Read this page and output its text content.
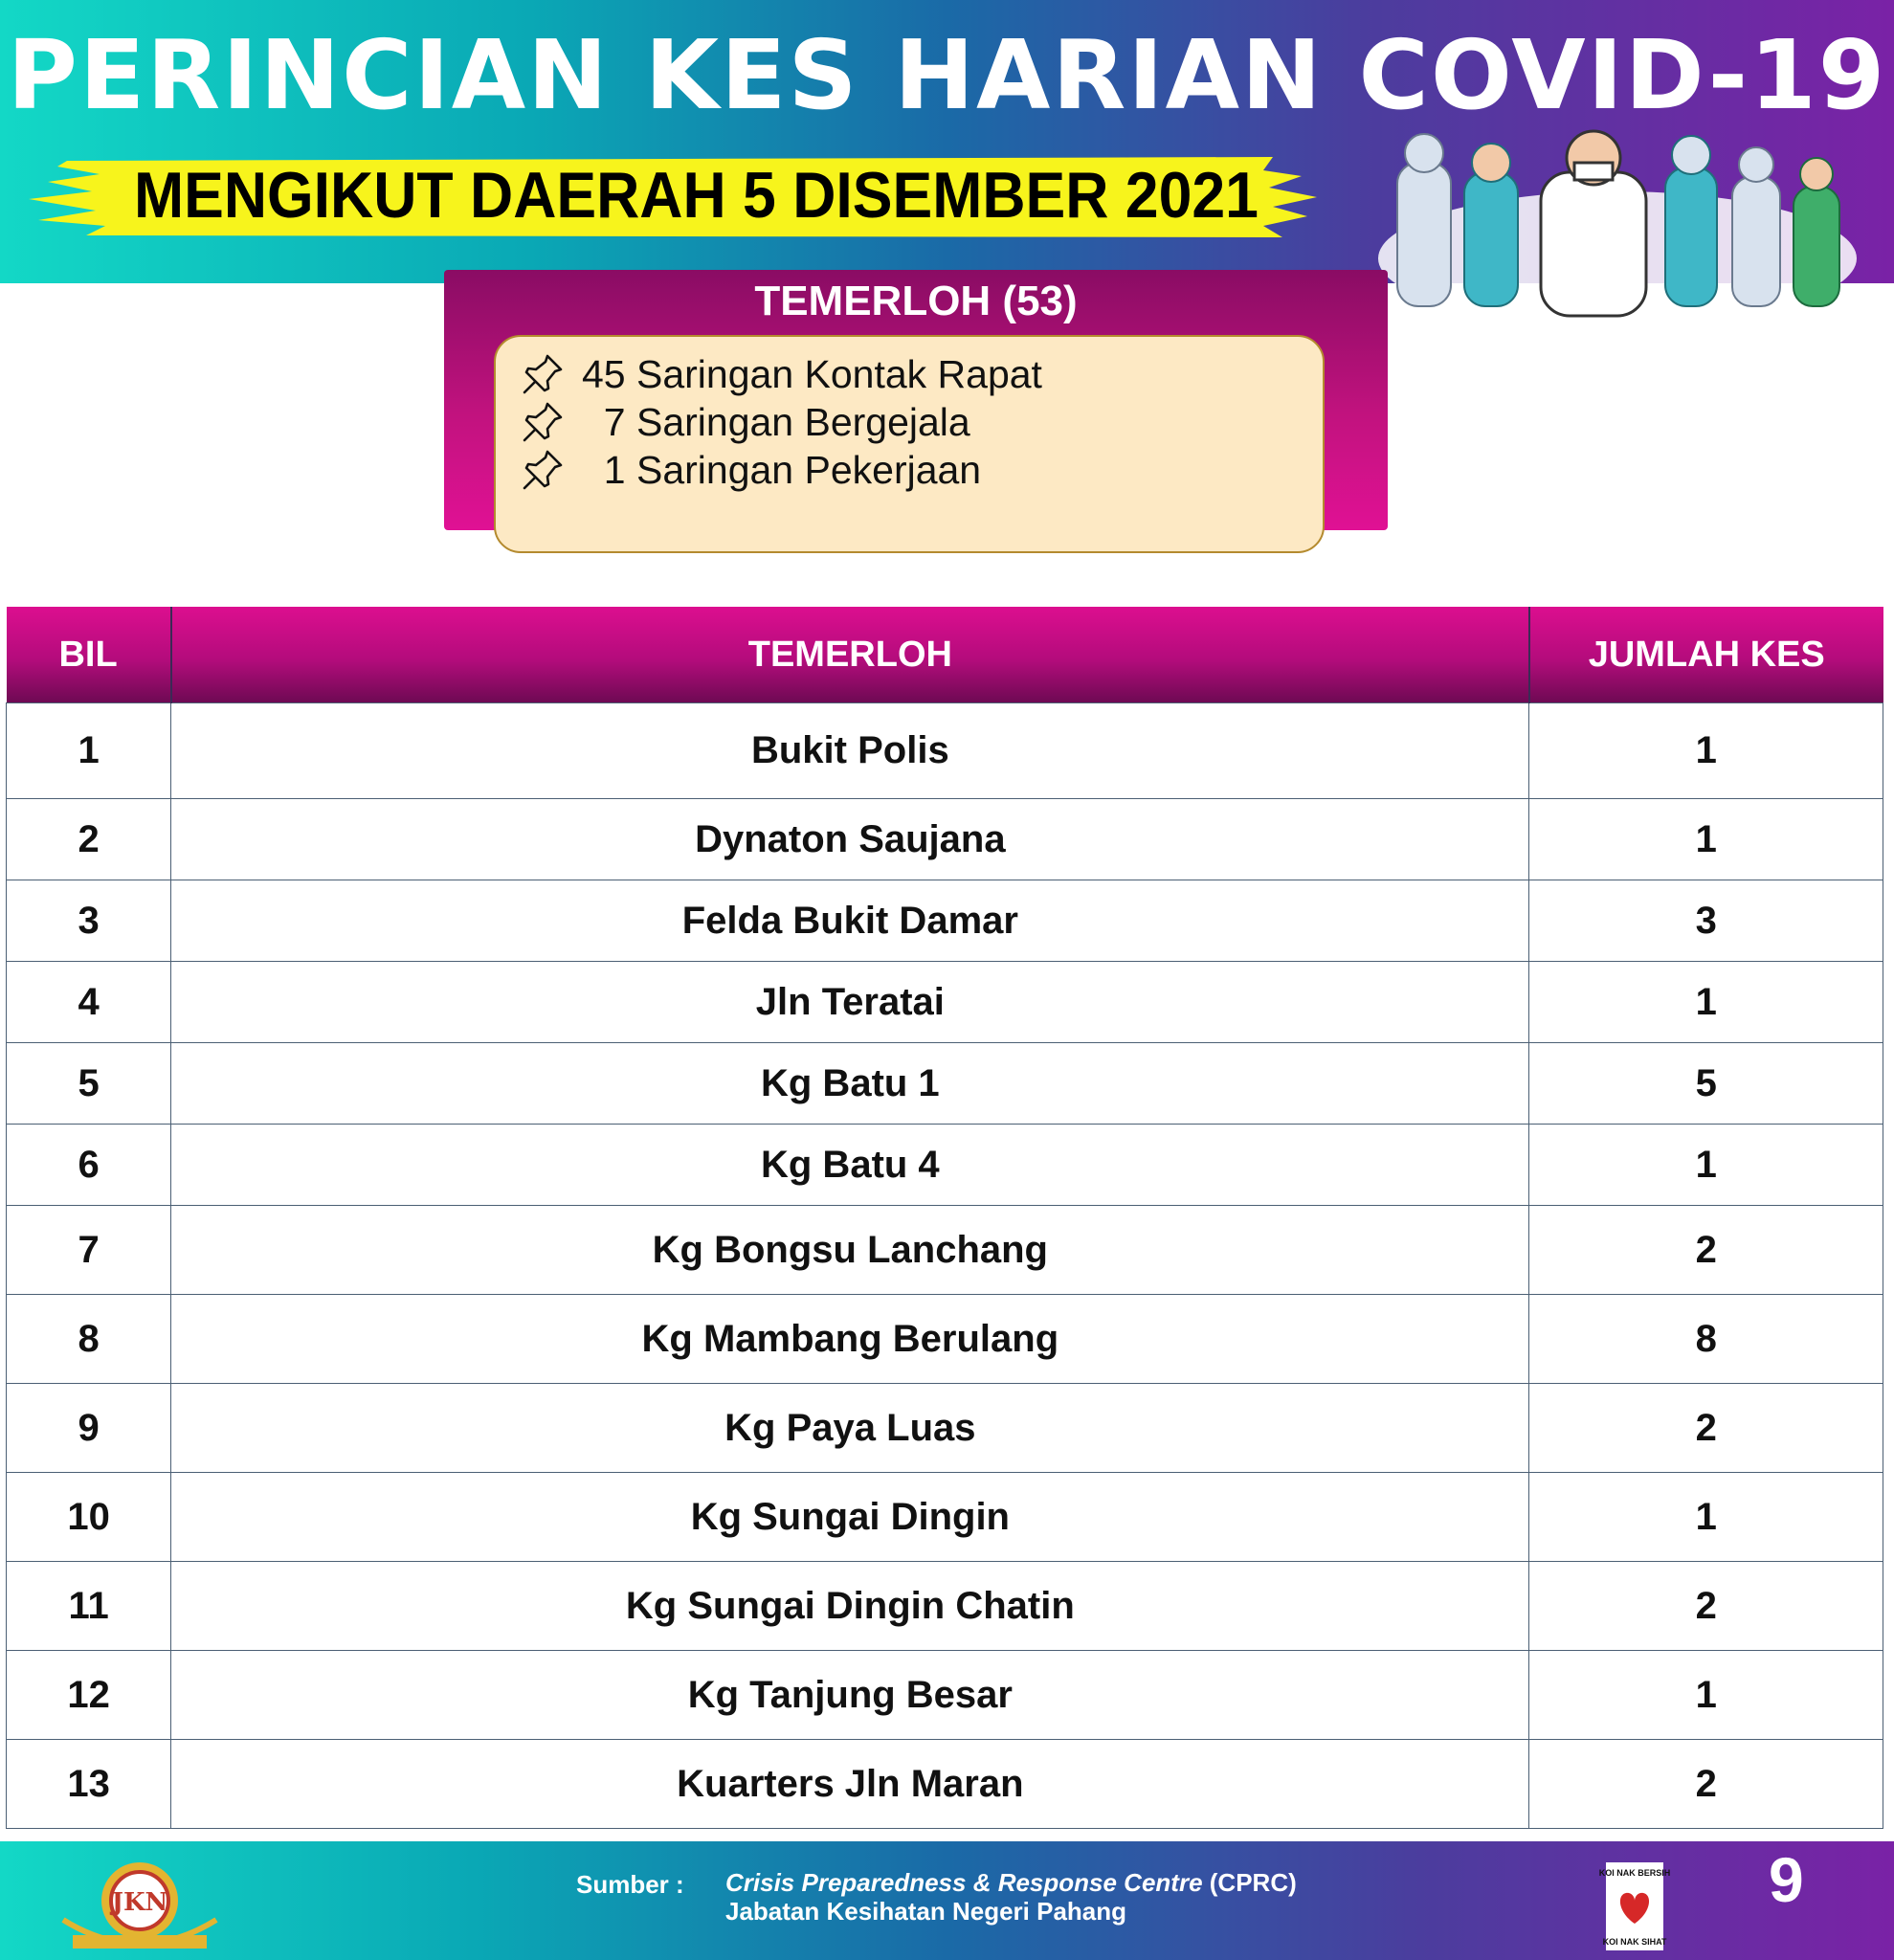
PERINCIAN KES HARIAN COVID-19
MENGIKUT DAERAH 5 DISEMBER 2021
TEMERLOH (53)
45 Saringan Kontak Rapat
7 Saringan Bergejala
1 Saringan Pekerjaan
BIL	TEMERLOH	JUMLAH KES
1	Bukit Polis	1
2	Dynaton Saujana	1
3	Felda Bukit Damar	3
4	Jln Teratai	1
5	Kg Batu 1	5
6	Kg Batu 4	1
7	Kg Bongsu Lanchang	2
8	Kg Mambang Berulang	8
9	Kg Paya Luas	2
10	Kg Sungai Dingin	1
11	Kg Sungai Dingin Chatin	2
12	Kg Tanjung Besar	1
13	Kuarters Jln Maran	2
JKN
Sumber : Crisis Preparedness & Response Centre (CPRC)
Jabatan Kesihatan Negeri Pahang
KOI NAK BERSIH
KOI NAK SIHAT
9
